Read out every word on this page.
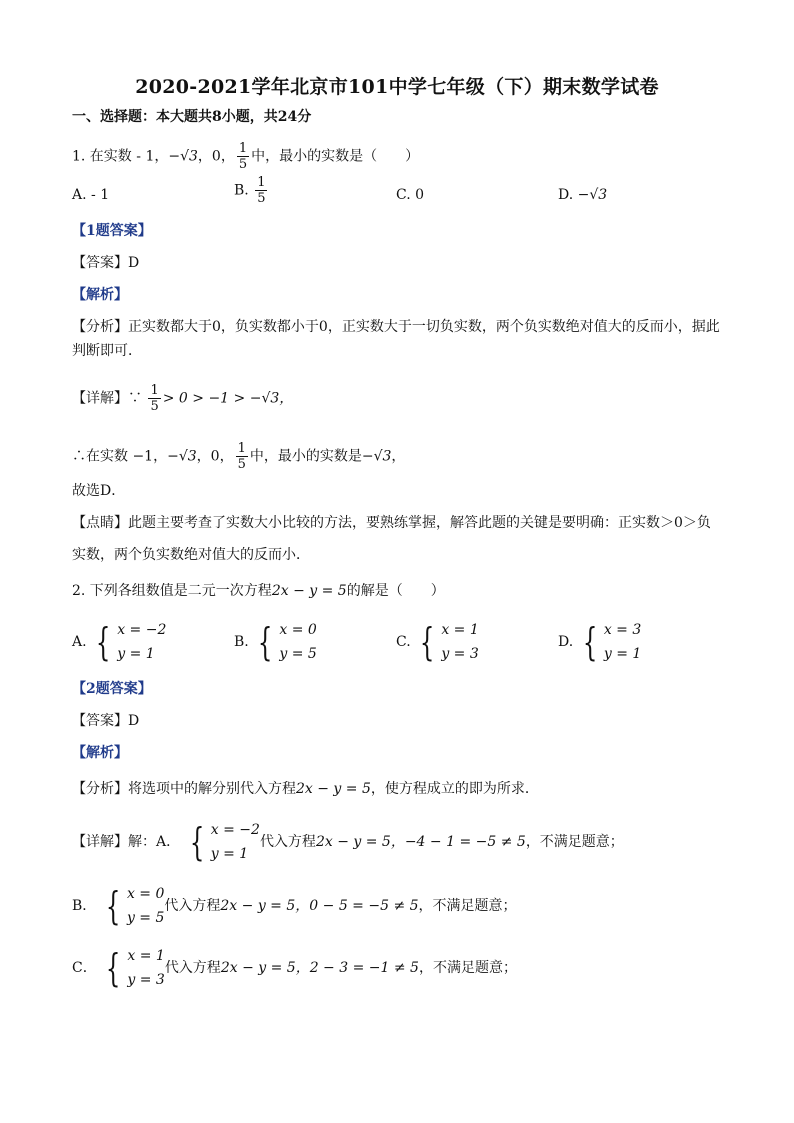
2020-2021学年北京市101中学七年级（下）期末数学试卷
一、选择题：本大题共8小题，共24分
1. 在实数 - 1，−√3，0， $\frac{1}{5}$ 中，最小的实数是（　　）
A. - 1	B. $\frac{1}{5}$	C. 0	D. −√3
【1题答案】
【答案】D
【解析】
【分析】正实数都大于0，负实数都小于0，正实数大于一切负实数，两个负实数绝对值大的反而小，据此
判断即可．
【详解】∵ $\frac{1}{5} > 0 > -1 > -√3$，
∴在实数 −1，−√3，0， $\frac{1}{5}$ 中，最小的实数是−√3，
故选D．
【点睛】此题主要考查了实数大小比较的方法，要熟练掌握，解答此题的关键是要明确：正实数＞0＞负
实数，两个负实数绝对值大的反而小．
2. 下列各组数值是二元一次方程2x − y = 5的解是（　　）
A. { x = −2
y = 1
B. { x = 0
y = 5
C. { x = 1
y = 3
D. { x = 3
y = 1
【2题答案】
【答案】D
【解析】
【分析】将选项中的解分别代入方程2x − y = 5，使方程成立的即为所求．
【详解】解：A． { x = −2
y = 1
代入方程2x − y = 5，−4 − 1 = −5 ≠ 5，不满足题意；
B． { x = 0
y = 5
代入方程2x − y = 5，0 − 5 = −5 ≠ 5，不满足题意；
C． { x = 1
y = 3
代入方程2x − y = 5，2 − 3 = −1 ≠ 5，不满足题意；
